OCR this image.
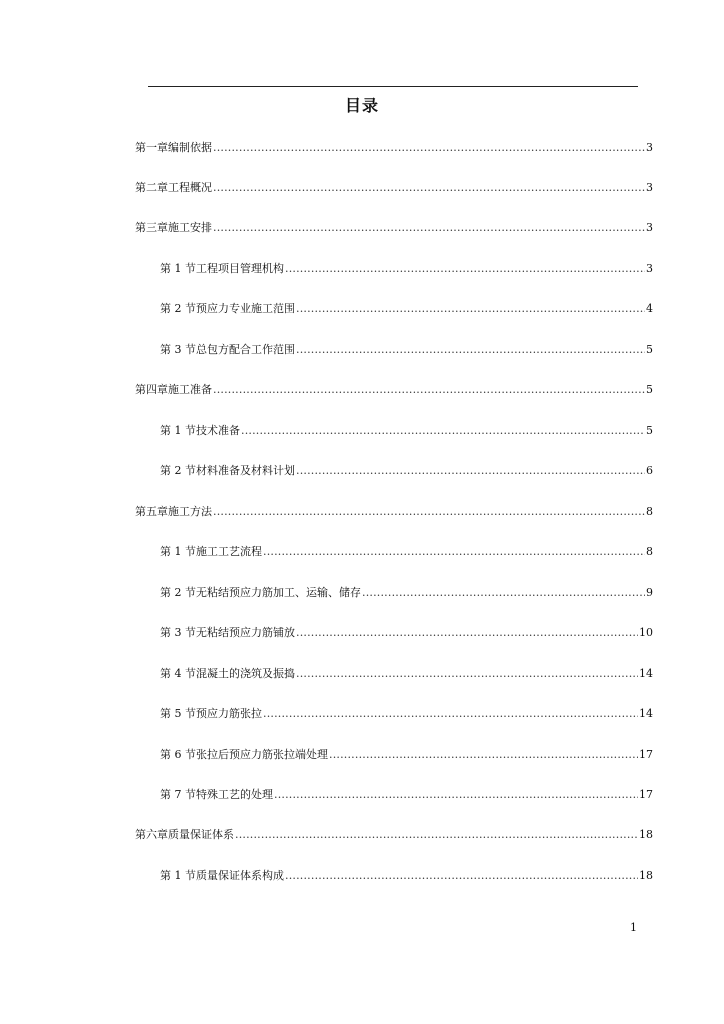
目录
第一章 编制依据 .....	3
第二章 工程概况 .....	3
第三章 施工安排 .....	3
第 1 节 工程项目管理机构 .....	3
第 2 节 预应力专业施工范围 .....	4
第 3 节 总包方配合工作范围 .....	5
第四章 施工准备 .....	5
第 1 节 技术准备 .....	5
第 2 节 材料准备及材料计划 .....	6
第五章 施工方法 .....	8
第 1 节 施工工艺流程 .....	8
第 2 节 无粘结预应力筋加工、运输、储存 .....	9
第 3 节 无粘结预应力筋铺放 .....	10
第 4 节 混凝土的浇筑及振捣 .....	14
第 5 节 预应力筋张拉 .....	14
第 6 节 张拉后预应力筋张拉端处理 .....	17
第 7 节 特殊工艺的处理 .....	17
第六章 质量保证体系 .....	18
第 1 节 质量保证体系构成 .....	18
1
